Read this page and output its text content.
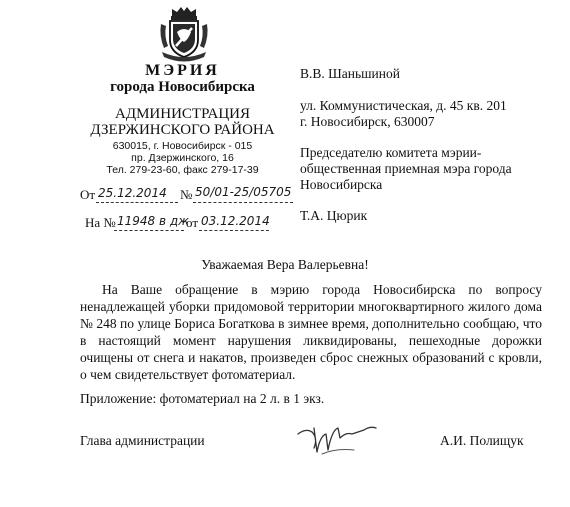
МЭРИЯ
города Новосибирска
АДМИНИСТРАЦИЯ
ДЗЕРЖИНСКОГО РАЙОНА
630015, г. Новосибирск - 015
пр. Дзержинского, 16
Тел. 279-23-60, факс 279-17-39
От 25.12.2014 № 50/01-25/05705
На № 11948 в дж
от 03.12.2014
В.В. Шаньшиной
ул. Коммунистическая, д. 45 кв. 201
г. Новосибирск, 630007
Председателю комитета мэрии-
общественная приемная мэра города
Новосибирска
Т.А. Цюрик
Уважаемая Вера Валерьевна!
На Ваше обращение в мэрию города Новосибирска по вопросу
ненадлежащей уборки придомовой территории многоквартирного жилого дома
№ 248 по улице Бориса Богаткова в зимнее время, дополнительно сообщаю, что
в настоящий момент нарушения ликвидированы, пешеходные дорожки
очищены от снега и накатов, произведен сброс снежных образований с кровли,
о чем свидетельствует фотоматериал.
Приложение: фотоматериал на 2 л. в 1 экз.
Глава администрации	А.И. Полищук
